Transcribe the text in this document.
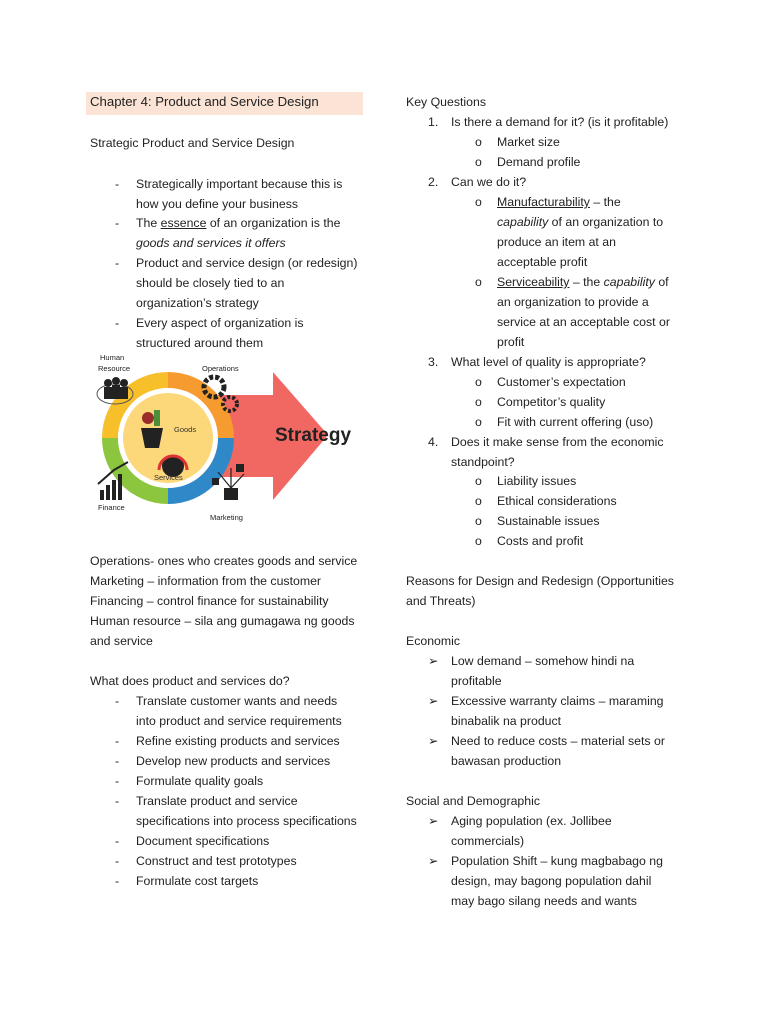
Chapter 4: Product and Service Design
Strategic Product and Service Design
- Strategically important because this is
how you define your business
- The essence of an organization is the
goods and services it offers
- Product and service design (or redesign)
should be closely tied to an
organization’s strategy
- Every aspect of organization is
structured around them
Goods
Services
Human
Resource	Operations
Finance
Marketing
Strategy
Operations- ones who creates goods and service
Marketing – information from the customer
Financing – control finance for sustainability
Human resource – sila ang gumagawa ng goods
and service
What does product and services do?
- Translate customer wants and needs
into product and service requirements
- Refine existing products and services
- Develop new products and services
- Formulate quality goals
- Translate product and service
specifications into process specifications
- Document specifications
- Construct and test prototypes
- Formulate cost targets
Key Questions
1. Is there a demand for it? (is it profitable)
o Market size
o Demand profile
2. Can we do it?
o Manufacturability – the
capability of an organization to
produce an item at an
acceptable profit
o Serviceability – the capability of
an organization to provide a
service at an acceptable cost or
profit
3. What level of quality is appropriate?
o Customer’s expectation
o Competitor’s quality
o Fit with current offering (uso)
4. Does it make sense from the economic
standpoint?
o Liability issues
o Ethical considerations
o Sustainable issues
o Costs and profit
Reasons for Design and Redesign (Opportunities
and Threats)
Economic
➢ Low demand – somehow hindi na
profitable
➢ Excessive warranty claims – maraming
binabalik na product
➢ Need to reduce costs – material sets or
bawasan production
Social and Demographic
➢ Aging population (ex. Jollibee
commercials)
➢ Population Shift – kung magbabago ng
design, may bagong population dahil
may bago silang needs and wants
